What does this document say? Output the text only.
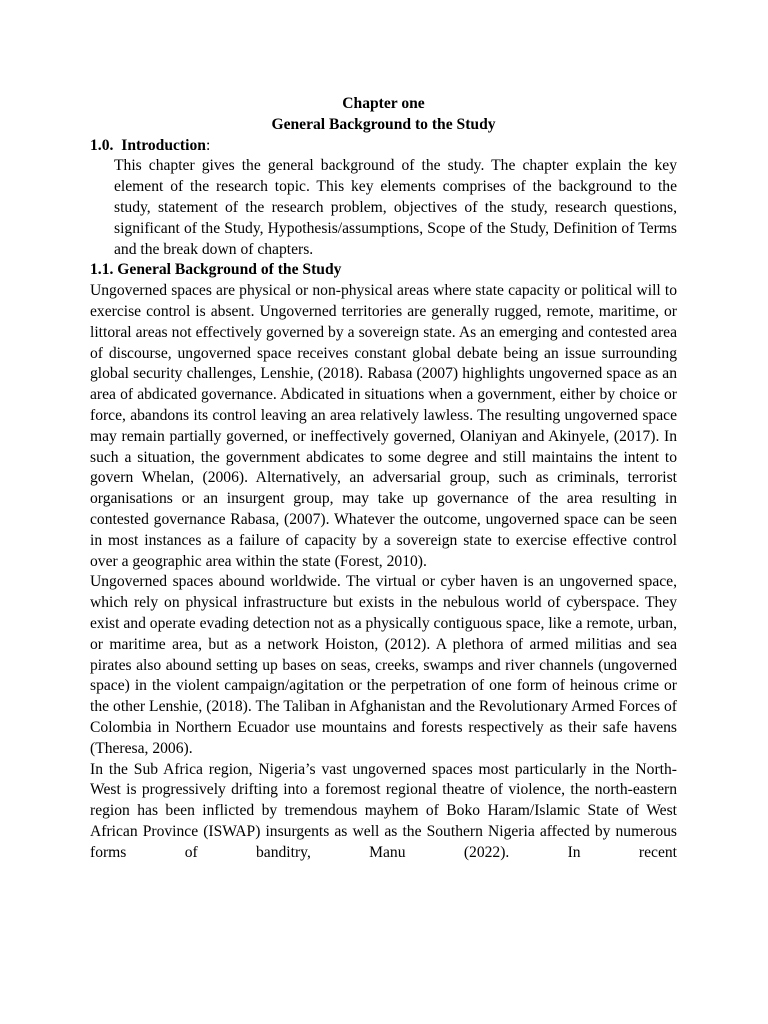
Chapter one

General Background to the Study

1.0. Introduction:

This chapter gives the general background of the study. The chapter explain the key element of the research topic. This key elements comprises of the background to the study, statement of the research problem, objectives of the study, research questions, significant of the Study, Hypothesis/assumptions, Scope of the Study, Definition of Terms and the break down of chapters.

1.1. General Background of the Study

Ungoverned spaces are physical or non-physical areas where state capacity or political will to exercise control is absent. Ungoverned territories are generally rugged, remote, maritime, or littoral areas not effectively governed by a sovereign state. As an emerging and contested area of discourse, ungoverned space receives constant global debate being an issue surrounding global security challenges, Lenshie, (2018). Rabasa (2007) highlights ungoverned space as an area of abdicated governance. Abdicated in situations when a government, either by choice or force, abandons its control leaving an area relatively lawless. The resulting ungoverned space may remain partially governed, or ineffectively governed, Olaniyan and Akinyele, (2017). In such a situation, the government abdicates to some degree and still maintains the intent to govern Whelan, (2006). Alternatively, an adversarial group, such as criminals, terrorist organisations or an insurgent group, may take up governance of the area resulting in contested governance Rabasa, (2007). Whatever the outcome, ungoverned space can be seen in most instances as a failure of capacity by a sovereign state to exercise effective control over a geographic area within the state (Forest, 2010).

Ungoverned spaces abound worldwide. The virtual or cyber haven is an ungoverned space, which rely on physical infrastructure but exists in the nebulous world of cyberspace. They exist and operate evading detection not as a physically contiguous space, like a remote, urban, or maritime area, but as a network Hoiston, (2012). A plethora of armed militias and sea pirates also abound setting up bases on seas, creeks, swamps and river channels (ungoverned space) in the violent campaign/agitation or the perpetration of one form of heinous crime or the other Lenshie, (2018). The Taliban in Afghanistan and the Revolutionary Armed Forces of Colombia in Northern Ecuador use mountains and forests respectively as their safe havens (Theresa, 2006).

In the Sub Africa region, Nigeria’s vast ungoverned spaces most particularly in the North-West is progressively drifting into a foremost regional theatre of violence, the north-eastern region has been inflicted by tremendous mayhem of Boko Haram/Islamic State of West African Province (ISWAP) insurgents as well as the Southern Nigeria affected by numerous forms of banditry, Manu (2022). In recent
